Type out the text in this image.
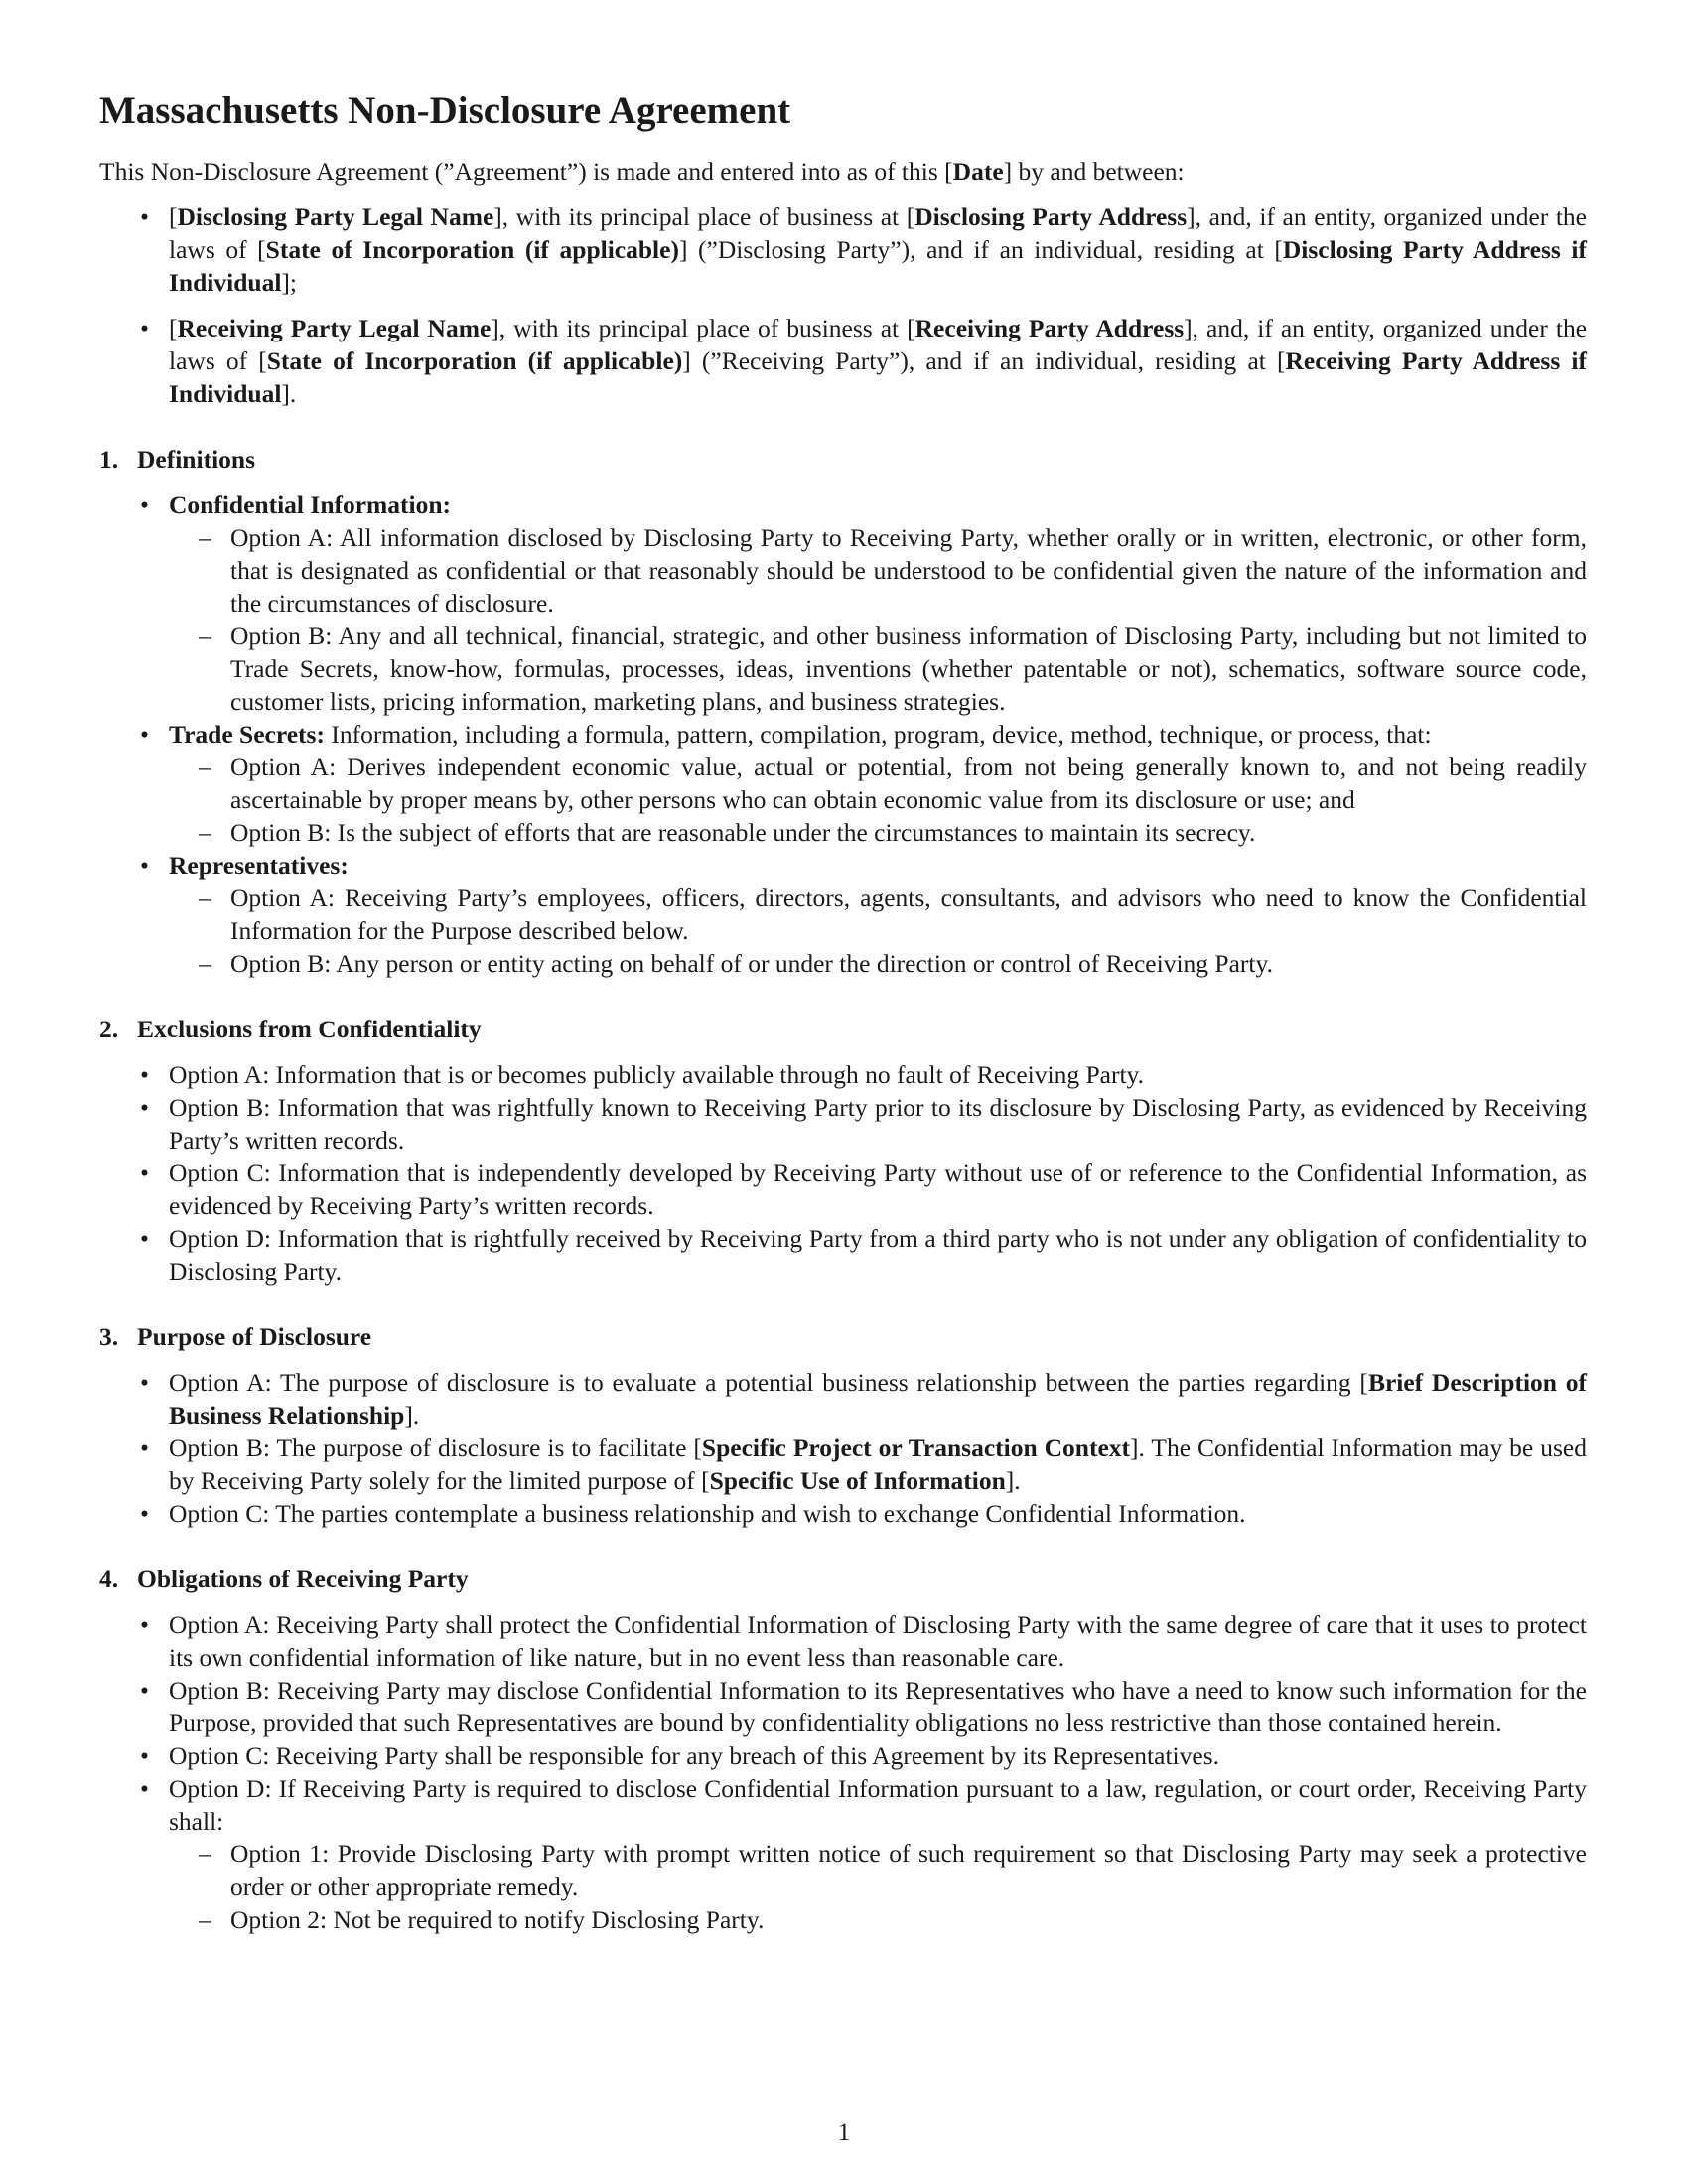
Massachusetts Non-Disclosure Agreement

This Non-Disclosure Agreement (”Agreement”) is made and entered into as of this [Date] by and between:

• [Disclosing Party Legal Name], with its principal place of business at [Disclosing Party Address], and, if an entity, organized under the laws of [State of Incorporation (if applicable)] (”Disclosing Party”), and if an individual, residing at [Disclosing Party Address if Individual];
• [Receiving Party Legal Name], with its principal place of business at [Receiving Party Address], and, if an entity, organized under the laws of [State of Incorporation (if applicable)] (”Receiving Party”), and if an individual, residing at [Receiving Party Address if Individual].
1. Definitions
• Confidential Information:
– Option A: All information disclosed by Disclosing Party to Receiving Party, whether orally or in written, electronic, or other form, that is designated as confidential or that reasonably should be understood to be confidential given the nature of the information and the circumstances of disclosure.
– Option B: Any and all technical, financial, strategic, and other business information of Disclosing Party, including but not limited to Trade Secrets, know-how, formulas, processes, ideas, inventions (whether patentable or not), schematics, software source code, customer lists, pricing information, marketing plans, and business strategies.
• Trade Secrets: Information, including a formula, pattern, compilation, program, device, method, technique, or process, that:
– Option A: Derives independent economic value, actual or potential, from not being generally known to, and not being readily ascertainable by proper means by, other persons who can obtain economic value from its disclosure or use; and
– Option B: Is the subject of efforts that are reasonable under the circumstances to maintain its secrecy.
• Representatives:
– Option A: Receiving Party’s employees, officers, directors, agents, consultants, and advisors who need to know the Confidential Information for the Purpose described below.
– Option B: Any person or entity acting on behalf of or under the direction or control of Receiving Party.
2. Exclusions from Confidentiality
• Option A: Information that is or becomes publicly available through no fault of Receiving Party.
• Option B: Information that was rightfully known to Receiving Party prior to its disclosure by Disclosing Party, as evidenced by Receiving Party’s written records.
• Option C: Information that is independently developed by Receiving Party without use of or reference to the Confidential Information, as evidenced by Receiving Party’s written records.
• Option D: Information that is rightfully received by Receiving Party from a third party who is not under any obligation of confidentiality to Disclosing Party.
3. Purpose of Disclosure
• Option A: The purpose of disclosure is to evaluate a potential business relationship between the parties regarding [Brief Description of Business Relationship].
• Option B: The purpose of disclosure is to facilitate [Specific Project or Transaction Context]. The Confidential Information may be used by Receiving Party solely for the limited purpose of [Specific Use of Information].
• Option C: The parties contemplate a business relationship and wish to exchange Confidential Information.
4. Obligations of Receiving Party
• Option A: Receiving Party shall protect the Confidential Information of Disclosing Party with the same degree of care that it uses to protect its own confidential information of like nature, but in no event less than reasonable care.
• Option B: Receiving Party may disclose Confidential Information to its Representatives who have a need to know such information for the Purpose, provided that such Representatives are bound by confidentiality obligations no less restrictive than those contained herein.
• Option C: Receiving Party shall be responsible for any breach of this Agreement by its Representatives.
• Option D: If Receiving Party is required to disclose Confidential Information pursuant to a law, regulation, or court order, Receiving Party shall:
– Option 1: Provide Disclosing Party with prompt written notice of such requirement so that Disclosing Party may seek a protective order or other appropriate remedy.
– Option 2: Not be required to notify Disclosing Party.
1
